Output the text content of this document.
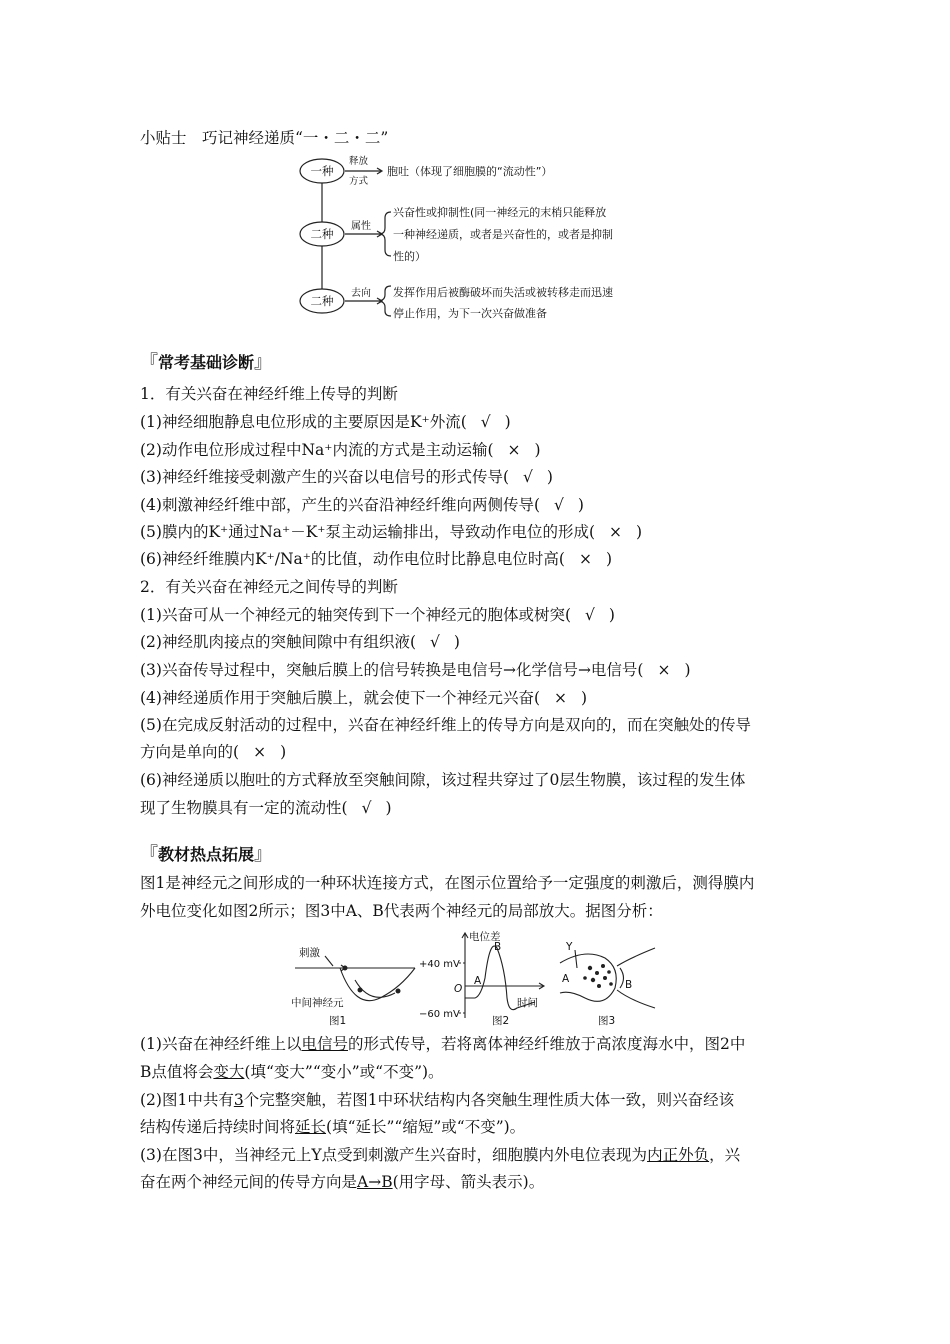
小贴士　巧记神经递质“一・二・二”
一种
二种
二种
释放
方式
属性
去向
胞吐（体现了细胞膜的“流动性”）
兴奋性或抑制性(同一神经元的末梢只能释放
一种神经递质，或者是兴奋性的，或者是抑制
性的）
发挥作用后被酶破坏而失活或被转移走而迅速
停止作用，为下一次兴奋做准备
『常考基础诊断』
1．有关兴奋在神经纤维上传导的判断
(1)神经细胞静息电位形成的主要原因是K⁺外流( √ )
(2)动作电位形成过程中Na⁺内流的方式是主动运输( × )
(3)神经纤维接受刺激产生的兴奋以电信号的形式传导( √ )
(4)刺激神经纤维中部，产生的兴奋沿神经纤维向两侧传导( √ )
(5)膜内的K⁺通过Na⁺－K⁺泵主动运输排出，导致动作电位的形成( × )
(6)神经纤维膜内K⁺/Na⁺的比值，动作电位时比静息电位时高( × )
2．有关兴奋在神经元之间传导的判断
(1)兴奋可从一个神经元的轴突传到下一个神经元的胞体或树突( √ )
(2)神经肌肉接点的突触间隙中有组织液( √ )
(3)兴奋传导过程中，突触后膜上的信号转换是电信号→化学信号→电信号( × )
(4)神经递质作用于突触后膜上，就会使下一个神经元兴奋( × )
(5)在完成反射活动的过程中，兴奋在神经纤维上的传导方向是双向的，而在突触处的传导
方向是单向的( × )
(6)神经递质以胞吐的方式释放至突触间隙，该过程共穿过了0层生物膜，该过程的发生体
现了生物膜具有一定的流动性( √ )
『教材热点拓展』
图1是神经元之间形成的一种环状连接方式，在图示位置给予一定强度的刺激后，测得膜内
外电位变化如图2所示；图3中A、B代表两个神经元的局部放大。据图分析：
刺激
中间神经元
图1
电位差
+40 mV
−60 mV
O
A
B
时间
图2
Y
A	B
图3
(1)兴奋在神经纤维上以电信号的形式传导，若将离体神经纤维放于高浓度海水中，图2中
B点值将会变大(填“变大”“变小”或“不变”)。
(2)图1中共有3个完整突触，若图1中环状结构内各突触生理性质大体一致，则兴奋经该
结构传递后持续时间将延长(填“延长”“缩短”或“不变”)。
(3)在图3中，当神经元上Y点受到刺激产生兴奋时，细胞膜内外电位表现为内正外负，兴
奋在两个神经元间的传导方向是A→B(用字母、箭头表示)。
